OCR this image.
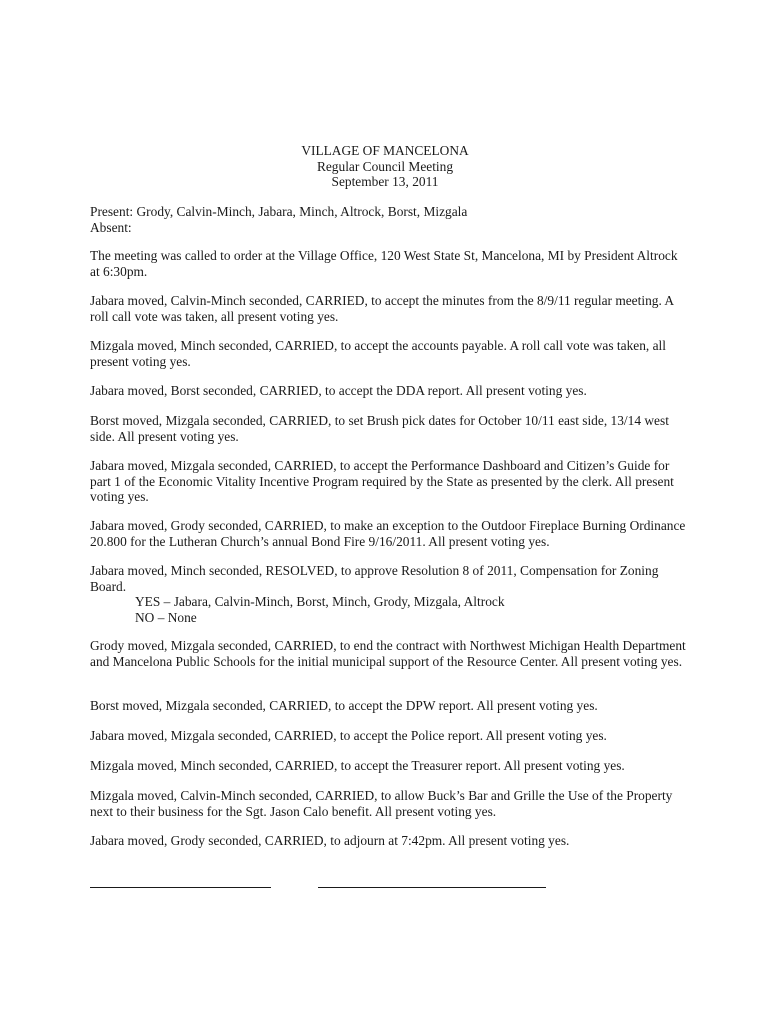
VILLAGE OF MANCELONA
Regular Council Meeting
September 13, 2011

Present: Grody, Calvin-Minch, Jabara, Minch, Altrock, Borst, Mizgala

Absent:

The meeting was called to order at the Village Office, 120 West State St, Mancelona, MI by President Altrock at 6:30pm.

Jabara moved, Calvin-Minch seconded, CARRIED, to accept the minutes from the 8/9/11 regular meeting. A roll call vote was taken, all present voting yes.

Mizgala moved, Minch seconded, CARRIED, to accept the accounts payable. A roll call vote was taken, all present voting yes.

Jabara moved, Borst seconded, CARRIED, to accept the DDA report. All present voting yes.

Borst moved, Mizgala seconded, CARRIED, to set Brush pick dates for October 10/11 east side, 13/14 west side. All present voting yes.

Jabara moved, Mizgala seconded, CARRIED, to accept the Performance Dashboard and Citizen’s Guide for part 1 of the Economic Vitality Incentive Program required by the State as presented by the clerk. All present voting yes.

Jabara moved, Grody seconded, CARRIED, to make an exception to the Outdoor Fireplace Burning Ordinance 20.800 for the Lutheran Church’s annual Bond Fire 9/16/2011. All present voting yes.

Jabara moved, Minch seconded, RESOLVED, to approve Resolution 8 of 2011, Compensation for Zoning Board.

YES – Jabara, Calvin-Minch, Borst, Minch, Grody, Mizgala, Altrock

NO – None

Grody moved, Mizgala seconded, CARRIED, to end the contract with Northwest Michigan Health Department and Mancelona Public Schools for the initial municipal support of the Resource Center. All present voting yes.

Borst moved, Mizgala seconded, CARRIED, to accept the DPW report. All present voting yes.

Jabara moved, Mizgala seconded, CARRIED, to accept the Police report. All present voting yes.

Mizgala moved, Minch seconded, CARRIED, to accept the Treasurer report. All present voting yes.

Mizgala moved, Calvin-Minch seconded, CARRIED, to allow Buck’s Bar and Grille the Use of the Property next to their business for the Sgt. Jason Calo benefit. All present voting yes.

Jabara moved, Grody seconded, CARRIED, to adjourn at 7:42pm. All present voting yes.
